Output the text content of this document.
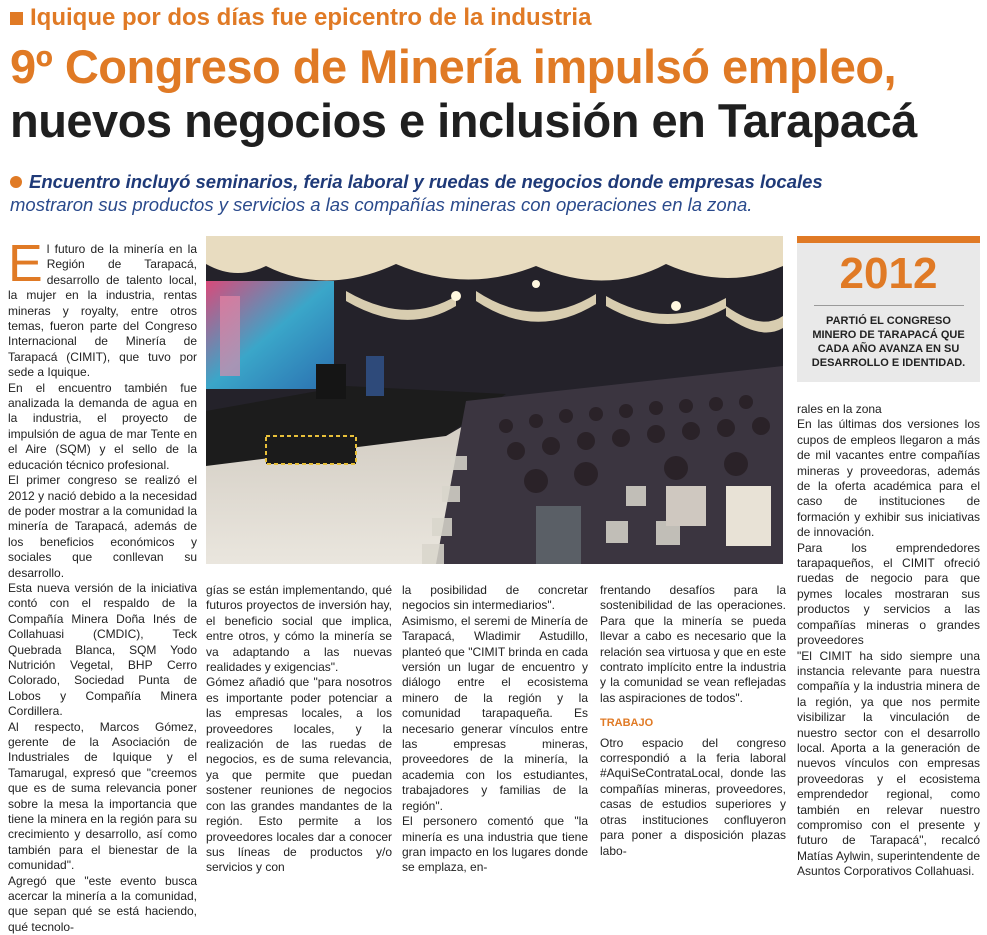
Iquique por dos días fue epicentro de la industria
9º Congreso de Minería impulsó empleo,
nuevos negocios e inclusión en Tarapacá
Encuentro incluyó seminarios, feria laboral y ruedas de negocios donde empresas locales
mostraron sus productos y servicios a las compañías mineras con operaciones en la zona.

El futuro de la minería en la Región de Tarapacá, desarrollo de talento local, la mujer en la industria, rentas mineras y royalty, entre otros temas, fueron parte del Congreso Internacional de Minería de Tarapacá (CIMIT), que tuvo por sede a Iquique.

En el encuentro también fue analizada la demanda de agua en la industria, el proyecto de impulsión de agua de mar Tente en el Aire (SQM) y el sello de la educación técnico profesional.

El primer congreso se realizó el 2012 y nació debido a la necesidad de poder mostrar a la comunidad la minería de Tarapacá, además de los beneficios económicos y sociales que conllevan su desarrollo.

Esta nueva versión de la iniciativa contó con el respaldo de la Compañía Minera Doña Inés de Collahuasi (CMDIC), Teck Quebrada Blanca, SQM Yodo Nutrición Vegetal, BHP Cerro Colorado, Sociedad Punta de Lobos y Compañía Minera Cordillera.

Al respecto, Marcos Gómez, gerente de la Asociación de Industriales de Iquique y el Tamarugal, expresó que "creemos que es de suma relevancia poner sobre la mesa la importancia que tiene la minera en la región para su crecimiento y desarrollo, así como también para el bienestar de la comunidad".

Agregó que "este evento busca acercar la minería a la comunidad, que sepan qué se está haciendo, qué tecnolo-

2012
PARTIÓ EL CONGRESO MINERO DE TARAPACÁ QUE CADA AÑO AVANZA EN SU DESARROLLO E IDENTIDAD.

gías se están implementando, qué futuros proyectos de inversión hay, el beneficio social que implica, entre otros, y cómo la minería se va adaptando a las nuevas realidades y exigencias".

Gómez añadió que "para nosotros es importante poder potenciar a las empresas locales, a los proveedores locales, y la realización de las ruedas de negocios, es de suma relevancia, ya que permite que puedan sostener reuniones de negocios con las grandes mandantes de la región. Esto permite a los proveedores locales dar a conocer sus líneas de productos y/o servicios y con

la posibilidad de concretar negocios sin intermediarios".

Asimismo, el seremi de Minería de Tarapacá, Wladimir Astudillo, planteó que "CIMIT brinda en cada versión un lugar de encuentro y diálogo entre el ecosistema minero de la región y la comunidad tarapaqueña. Es necesario generar vínculos entre las empresas mineras, proveedores de la minería, la academia con los estudiantes, trabajadores y familias de la región".

El personero comentó que "la minería es una industria que tiene gran impacto en los lugares donde se emplaza, en-

frentando desafíos para la sostenibilidad de las operaciones. Para que la minería se pueda llevar a cabo es necesario que la relación sea virtuosa y que en este contrato implícito entre la industria y la comunidad se vean reflejadas las aspiraciones de todos".

TRABAJO

Otro espacio del congreso correspondió a la feria laboral #AquiSeContrataLocal, donde las compañías mineras, proveedores, casas de estudios superiores y otras instituciones confluyeron para poner a disposición plazas labo-

rales en la zona

En las últimas dos versiones los cupos de empleos llegaron a más de mil vacantes entre compañías mineras y proveedoras, además de la oferta académica para el caso de instituciones de formación y exhibir sus iniciativas de innovación.

Para los emprendedores tarapaqueños, el CIMIT ofreció ruedas de negocio para que pymes locales mostraran sus productos y servicios a las compañías mineras o grandes proveedores

"El CIMIT ha sido siempre una instancia relevante para nuestra compañía y la industria minera de la región, ya que nos permite visibilizar la vinculación de nuestro sector con el desarrollo local. Aporta a la generación de nuevos vínculos con empresas proveedoras y el ecosistema emprendedor regional, como también en relevar nuestro compromiso con el presente y futuro de Tarapacá", recalcó Matías Aylwin, superintendente de Asuntos Corporativos Collahuasi.
